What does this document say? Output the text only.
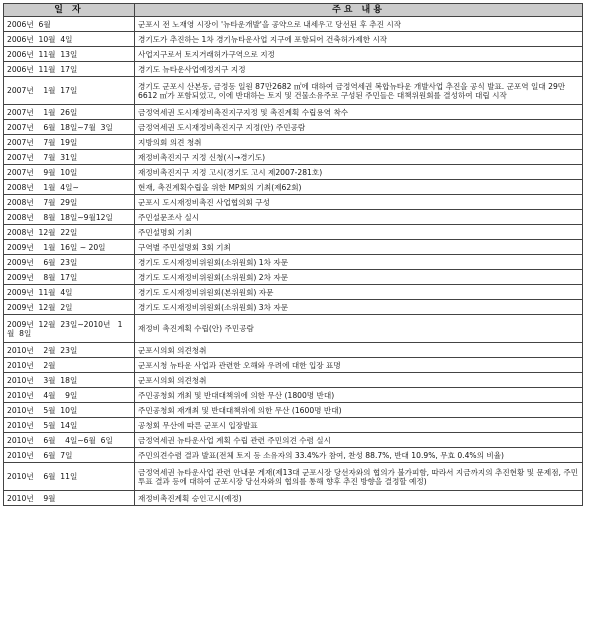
일 자	주요 내용
2006년  6월	군포시 전 노재영 시장이 '뉴타운개발'을 공약으로 내세우고 당선된 후 추진 시작
2006년  10월  4일	경기도가 추진하는 1차 경기뉴타운사업 지구에 포함되어 건축허가제한 시작
2006년  11월  13일	사업지구로서 토지거래허가구역으로 지정
2006년  11월  17일	경기도 뉴타운사업예정지구 지정
2007년    1월  17일	경기도 군포시 산본동, 금정동 일원 87만2682 ㎡에 대하여 금정역세권 복합뉴타운 개발사업 추진을 공식 발표. 군포역 일대 29만6612 ㎡가 포함되었고, 이에 반대하는 토지 및 건물소유주로 구성된 주민들은 대책위원회를 결성하여 대립 시작
2007년    1월  26일	금정역세권 도시재정비촉진지구지정 및 촉진계획 수립용역 착수
2007년    6월  18일~7월  3일	금정역세권 도시재정비촉진지구 지정(안) 주민공람
2007년    7월  19일	지방의회 의견 청취
2007년    7월  31일	재정비촉진지구 지정 신청(시→경기도)
2007년    9월  10일	재정비촉진지구 지정 고시(경기도 고시 제2007-281호)
2008년    1월  4일~	현재, 촉진계획수립을 위한 MP회의 기최(제62회)
2008년    7월  29일	군포시 도시재정비촉진 사업협의회 구성
2008년    8월  18일~9월12일	주민설문조사 실시
2008년  12월  22일	주민설명회 기최
2009년    1월  16일 ~ 20일	구역별 주민설명회 3회 기최
2009년    6월  23일	경기도 도시재정비위원회(소위원회) 1차 자문
2009년    8월  17일	경기도 도시재정비위원회(소위원회) 2차 자문
2009년  11월  4일	경기도 도시재정비위원회(본위원회) 자문
2009년  12월  2일	경기도 도시재정비위원회(소위원회) 3차 자문
2009년  12월  23일~2010년   1
월  8일	재정비 촉진계획 수립(안) 주민공람
2010년    2월  23일	군포시의회 의견청취
2010년    2월	군포시청 뉴타운 사업과 관련한 오해와 우려에 대한 입장 표명
2010년    3월  18일	군포시의회 의견청취
2010년    4월    9일	주민공청회 개최 및 반대대책위에 의한 무산 (1800명 반대)
2010년    5월  10일	주민공청회 재개최 및 반대대책위에 의한 무산 (1600명 반대)
2010년    5월  14일	공청회 무산에 따른 군포시 입장발표
2010년    6월    4일~6월  6일	금정역세권 뉴타운사업 계획 수립 관련 주민의견 수렴 실시
2010년    6월  7일	주민의견수렴 결과 발표(전체 토지 등 소유자의 33.4%가 참여, 찬성 88.7%, 반대 10.9%, 무효 0.4%의 비율)
2010년    6월  11일	금정역세권 뉴타운사업 관련 안내문 게재(제13대 군포시장 당선자와의 협의가 불가피함, 따라서 지금까지의 추진현황 및 문제점, 주민투표 결과 등에 대하여 군포시장 당선자와의 협의를 통해 향후 추진 방향을 결정할 예정)
2010년    9월	재정비촉진계획 승인고시(예정)
